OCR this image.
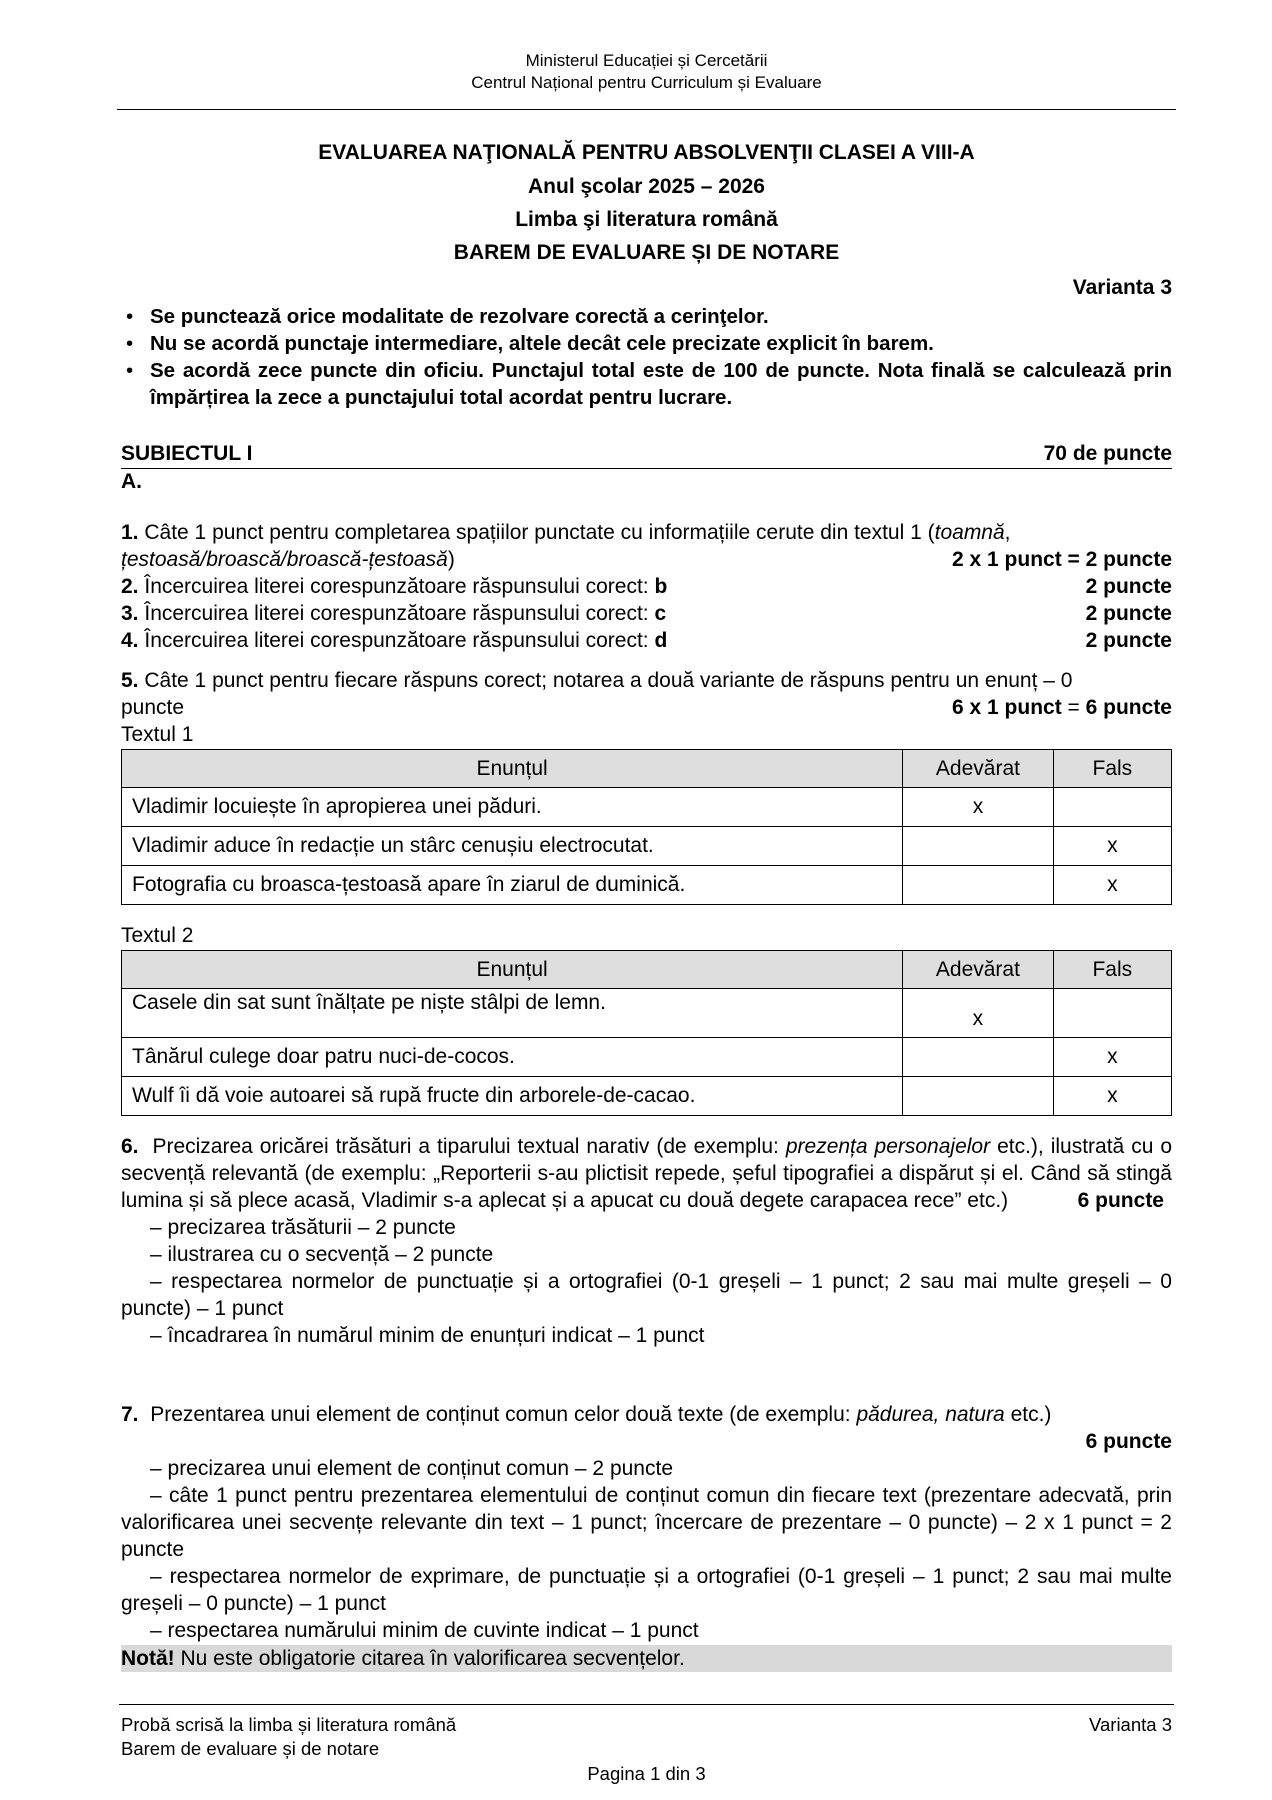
Ministerul Educației și Cercetării
Centrul Național pentru Curriculum și Evaluare
EVALUAREA NAŢIONALĂ PENTRU ABSOLVENŢII CLASEI A VIII-A
Anul şcolar 2025 – 2026
Limba şi literatura română
BAREM DE EVALUARE ȘI DE NOTARE
Varianta 3
• Se punctează orice modalitate de rezolvare corectă a cerinţelor.
• Nu se acordă punctaje intermediare, altele decât cele precizate explicit în barem.
• Se acordă zece puncte din oficiu. Punctajul total este de 100 de puncte. Nota finală se calculează prin împărțirea la zece a punctajului total acordat pentru lucrare.
SUBIECTUL I	70 de puncte
A.
1. Câte 1 punct pentru completarea spațiilor punctate cu informațiile cerute din textul 1 (toamnă,
țestoasă/broască/broască-țestoasă)	2 x 1 punct = 2 puncte
2. Încercuirea literei corespunzătoare răspunsului corect: b	2 puncte
3. Încercuirea literei corespunzătoare răspunsului corect: c	2 puncte
4. Încercuirea literei corespunzătoare răspunsului corect: d	2 puncte
5. Câte 1 punct pentru fiecare răspuns corect; notarea a două variante de răspuns pentru un enunț – 0
puncte	6 x 1 punct = 6 puncte
Textul 1
Enunțul	Adevărat	Fals
Vladimir locuiește în apropierea unei păduri.	x	
Vladimir aduce în redacție un stârc cenușiu electrocutat.		x
Fotografia cu broasca-țestoasă apare în ziarul de duminică.		x
Textul 2
Enunțul	Adevărat	Fals
Casele din sat sunt înălțate pe niște stâlpi de lemn.	x	
Tânărul culege doar patru nuci-de-cocos.		x
Wulf îi dă voie autoarei să rupă fructe din arborele-de-cacao.		x
6. Precizarea oricărei trăsături a tiparului textual narativ (de exemplu: prezența personajelor etc.), ilustrată cu o secvență relevantă (de exemplu: „Reporterii s-au plictisit repede, șeful tipografiei a dispărut și el. Când să stingă lumina și să plece acasă, Vladimir s-a aplecat și a apucat cu două degete carapacea rece” etc.)	6 puncte
– precizarea trăsăturii – 2 puncte
– ilustrarea cu o secvență – 2 puncte
– respectarea normelor de punctuație și a ortografiei (0-1 greșeli – 1 punct; 2 sau mai multe greșeli – 0 puncte) – 1 punct
– încadrarea în numărul minim de enunțuri indicat – 1 punct
7. Prezentarea unui element de conținut comun celor două texte (de exemplu: pădurea, natura etc.)
6 puncte
– precizarea unui element de conținut comun – 2 puncte
– câte 1 punct pentru prezentarea elementului de conținut comun din fiecare text (prezentare adecvată, prin valorificarea unei secvențe relevante din text – 1 punct; încercare de prezentare – 0 puncte) – 2 x 1 punct = 2 puncte
– respectarea normelor de exprimare, de punctuație și a ortografiei (0-1 greșeli – 1 punct; 2 sau mai multe greșeli – 0 puncte) – 1 punct
– respectarea numărului minim de cuvinte indicat – 1 punct
Notă! Nu este obligatorie citarea în valorificarea secvențelor.
Probă scrisă la limba și literatura română
Barem de evaluare și de notare
Varianta 3
Pagina 1 din 3
